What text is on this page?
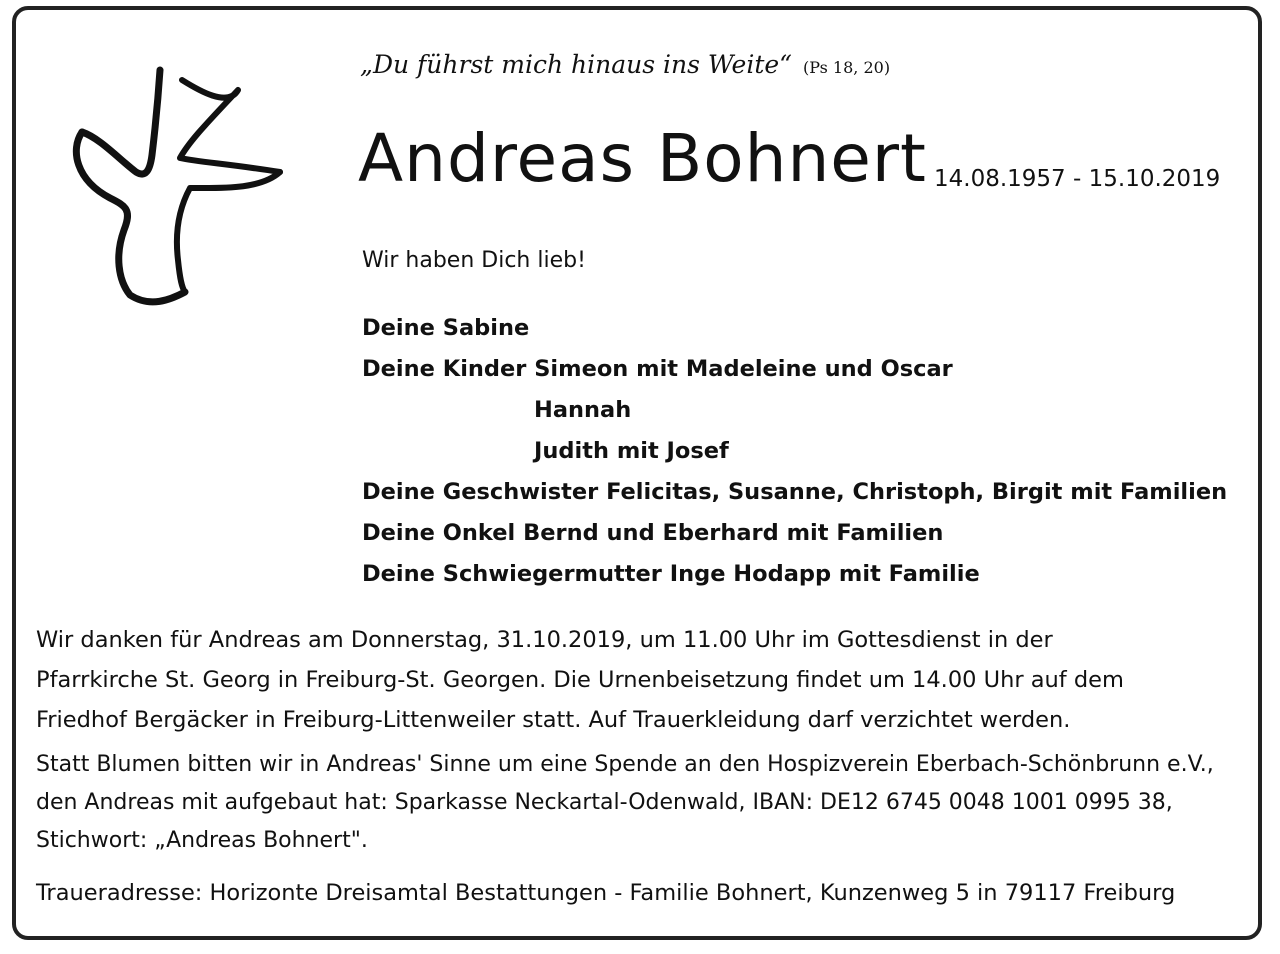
„Du führst mich hinaus ins Weite“ (Ps 18, 20)
Andreas Bohnert 14.08.1957 - 15.10.2019
Wir haben Dich lieb!
Deine Sabine
Deine Kinder Simeon mit Madeleine und Oscar
Hannah
Judith mit Josef
Deine Geschwister Felicitas, Susanne, Christoph, Birgit mit Familien
Deine Onkel Bernd und Eberhard mit Familien
Deine Schwiegermutter Inge Hodapp mit Familie
Wir danken für Andreas am Donnerstag, 31.10.2019, um 11.00 Uhr im Gottesdienst in der
Pfarrkirche St. Georg in Freiburg-St. Georgen. Die Urnenbeisetzung findet um 14.00 Uhr auf dem
Friedhof Bergäcker in Freiburg-Littenweiler statt. Auf Trauerkleidung darf verzichtet werden.
Statt Blumen bitten wir in Andreas' Sinne um eine Spende an den Hospizverein Eberbach-Schönbrunn e.V.,
den Andreas mit aufgebaut hat: Sparkasse Neckartal-Odenwald, IBAN: DE12 6745 0048 1001 0995 38,
Stichwort: „Andreas Bohnert".
Traueradresse: Horizonte Dreisamtal Bestattungen - Familie Bohnert, Kunzenweg 5 in 79117 Freiburg
